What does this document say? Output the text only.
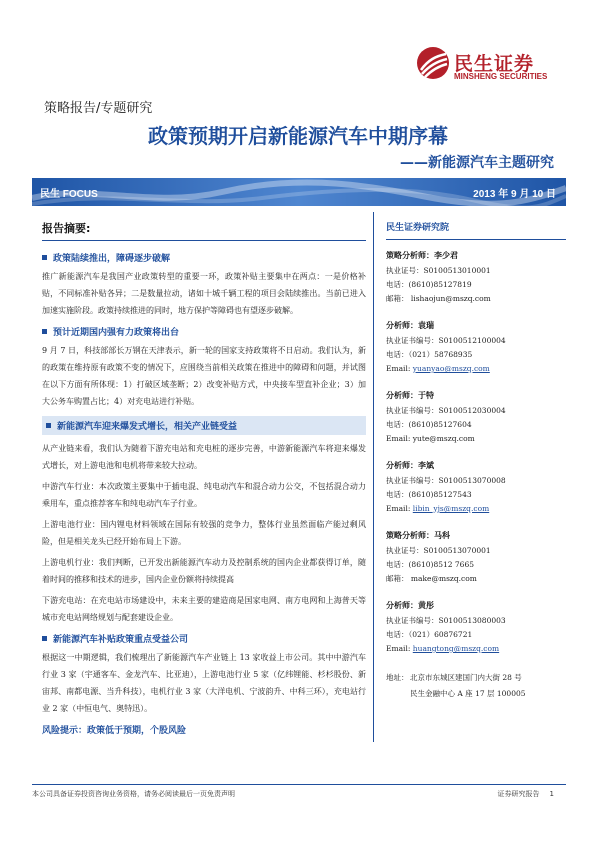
民生证券
MINSHENG SECURITIES
策略报告/专题研究
政策预期开启新能源汽车中期序幕
——新能源汽车主题研究
民生 FOCUS	2013 年 9 月 10 日
报告摘要:
政策陆续推出，障碍逐步破解

推广新能源汽车是我国产业政策转型的重要一环，政策补贴主要集中在两点：一是价格补贴，不同标准补贴各异；二是数量拉动，诸如十城千辆工程的项目会陆续推出。当前已进入加速实施阶段。政策持续推进的同时，地方保护等障碍也有望逐步破解。

预计近期国内强有力政策将出台

9 月 7 日，科技部部长万钢在天津表示，新一轮的国家支持政策将不日启动。我们认为，新的政策在维持原有政策不变的情况下，应围绕当前相关政策在推进中的障碍和问题，并试图在以下方面有所体现：1）打破区域垄断；2）改变补贴方式，中央接车型直补企业；3）加大公务车购置占比；4）对充电站进行补贴。

新能源汽车迎来爆发式增长，相关产业链受益

从产业链来看，我们认为随着下游充电站和充电桩的逐步完善，中游新能源汽车将迎来爆发式增长，对上游电池和电机将带来较大拉动。

中游汽车行业：本次政策主要集中于插电混、纯电动汽车和混合动力公交，不包括混合动力乘用车，重点推荐客车和纯电动汽车子行业。

上游电池行业：国内锂电材料领域在国际有较强的竞争力，整体行业虽然面临产能过剩风险，但是相关龙头已经开始布局上下游。

上游电机行业：我们判断，已开发出新能源汽车动力及控制系统的国内企业都获得订单，随着时间的推移和技术的进步，国内企业份额将持续提高

下游充电站：在充电站市场建设中，未来主要的建造商是国家电网、南方电网和上海普天等城市充电站网络规划与配套建设企业。

新能源汽车补贴政策重点受益公司

根据这一中期逻辑，我们梳理出了新能源汽车产业链上 13 家收益上市公司。其中中游汽车行业 3 家（宇通客车、金龙汽车、比亚迪），上游电池行业 5 家（亿纬锂能、杉杉股份、新宙邦、南都电源、当升科技），电机行业 3 家（大洋电机、宁波韵升、中科三环），充电站行业 2 家（中恒电气、奥特迅）。

风险提示：政策低于预期，个股风险
民生证券研究院
策略分析师：李少君
执业证号：S0100513010001
电话：(8610)85127819
邮箱： lishaojun@mszq.com
分析师：袁瑞
执业证书编号：S0100512100004
电话：（021）58768935
Email: yuanyao@mszq.com
分析师：于特
执业证书编号：S0100512030004
电话：(8610)85127604
Email: yute@mszq.com
分析师：李斌
执业证书编号：S0100513070008
电话：(8610)85127543
Email: libin_yjs@mszq.com
策略分析师：马科
执业证号：S0100513070001
电话：(8610)8512 7665
邮箱： make@mszq.com
分析师：黄彤
执业证书编号：S0100513080003
电话：（021）60876721
Email: huangtong@mszq.com
地址： 北京市东城区建国门内大街 28 号
民生金融中心 A 座 17 层 100005
本公司具备证券投资咨询业务资格，请务必阅读最后一页免责声明	证券研究报告 1
